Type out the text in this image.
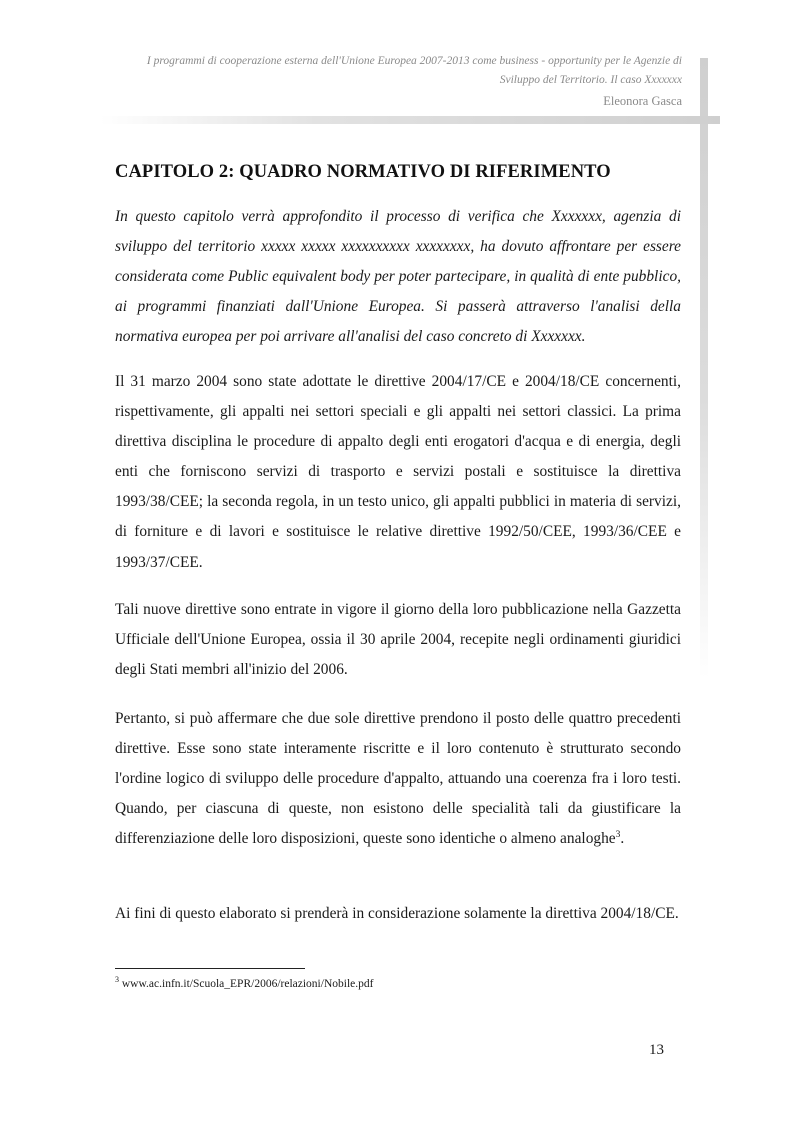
I programmi di cooperazione esterna dell'Unione Europea 2007-2013 come business - opportunity per le Agenzie di Sviluppo del Territorio. Il caso Xxxxxxx
Eleonora Gasca
CAPITOLO 2: QUADRO NORMATIVO DI RIFERIMENTO
In questo capitolo verrà approfondito il processo di verifica che Xxxxxxx, agenzia di sviluppo del territorio xxxxx xxxxx xxxxxxxxxx xxxxxxxx, ha dovuto affrontare per essere considerata come Public equivalent body per poter partecipare, in qualità di ente pubblico, ai programmi finanziati dall'Unione Europea. Si passerà attraverso l'analisi della normativa europea per poi arrivare all'analisi del caso concreto di Xxxxxxx.
Il 31 marzo 2004 sono state adottate le direttive 2004/17/CE e 2004/18/CE concernenti, rispettivamente, gli appalti nei settori speciali e gli appalti nei settori classici. La prima direttiva disciplina le procedure di appalto degli enti erogatori d'acqua e di energia, degli enti che forniscono servizi di trasporto e servizi postali e sostituisce la direttiva 1993/38/CEE; la seconda regola, in un testo unico, gli appalti pubblici in materia di servizi, di forniture e di lavori e sostituisce le relative direttive 1992/50/CEE, 1993/36/CEE e 1993/37/CEE.
Tali nuove direttive sono entrate in vigore il giorno della loro pubblicazione nella Gazzetta Ufficiale dell'Unione Europea, ossia il 30 aprile 2004, recepite negli ordinamenti giuridici degli Stati membri all'inizio del 2006.
Pertanto, si può affermare che due sole direttive prendono il posto delle quattro precedenti direttive. Esse sono state interamente riscritte e il loro contenuto è strutturato secondo l'ordine logico di sviluppo delle procedure d'appalto, attuando una coerenza fra i loro testi. Quando, per ciascuna di queste, non esistono delle specialità tali da giustificare la differenziazione delle loro disposizioni, queste sono identiche o almeno analoghe$^3$.
Ai fini di questo elaborato si prenderà in considerazione solamente la direttiva 2004/18/CE.
$^3$ www.ac.infn.it/Scuola_EPR/2006/relazioni/Nobile.pdf
13
